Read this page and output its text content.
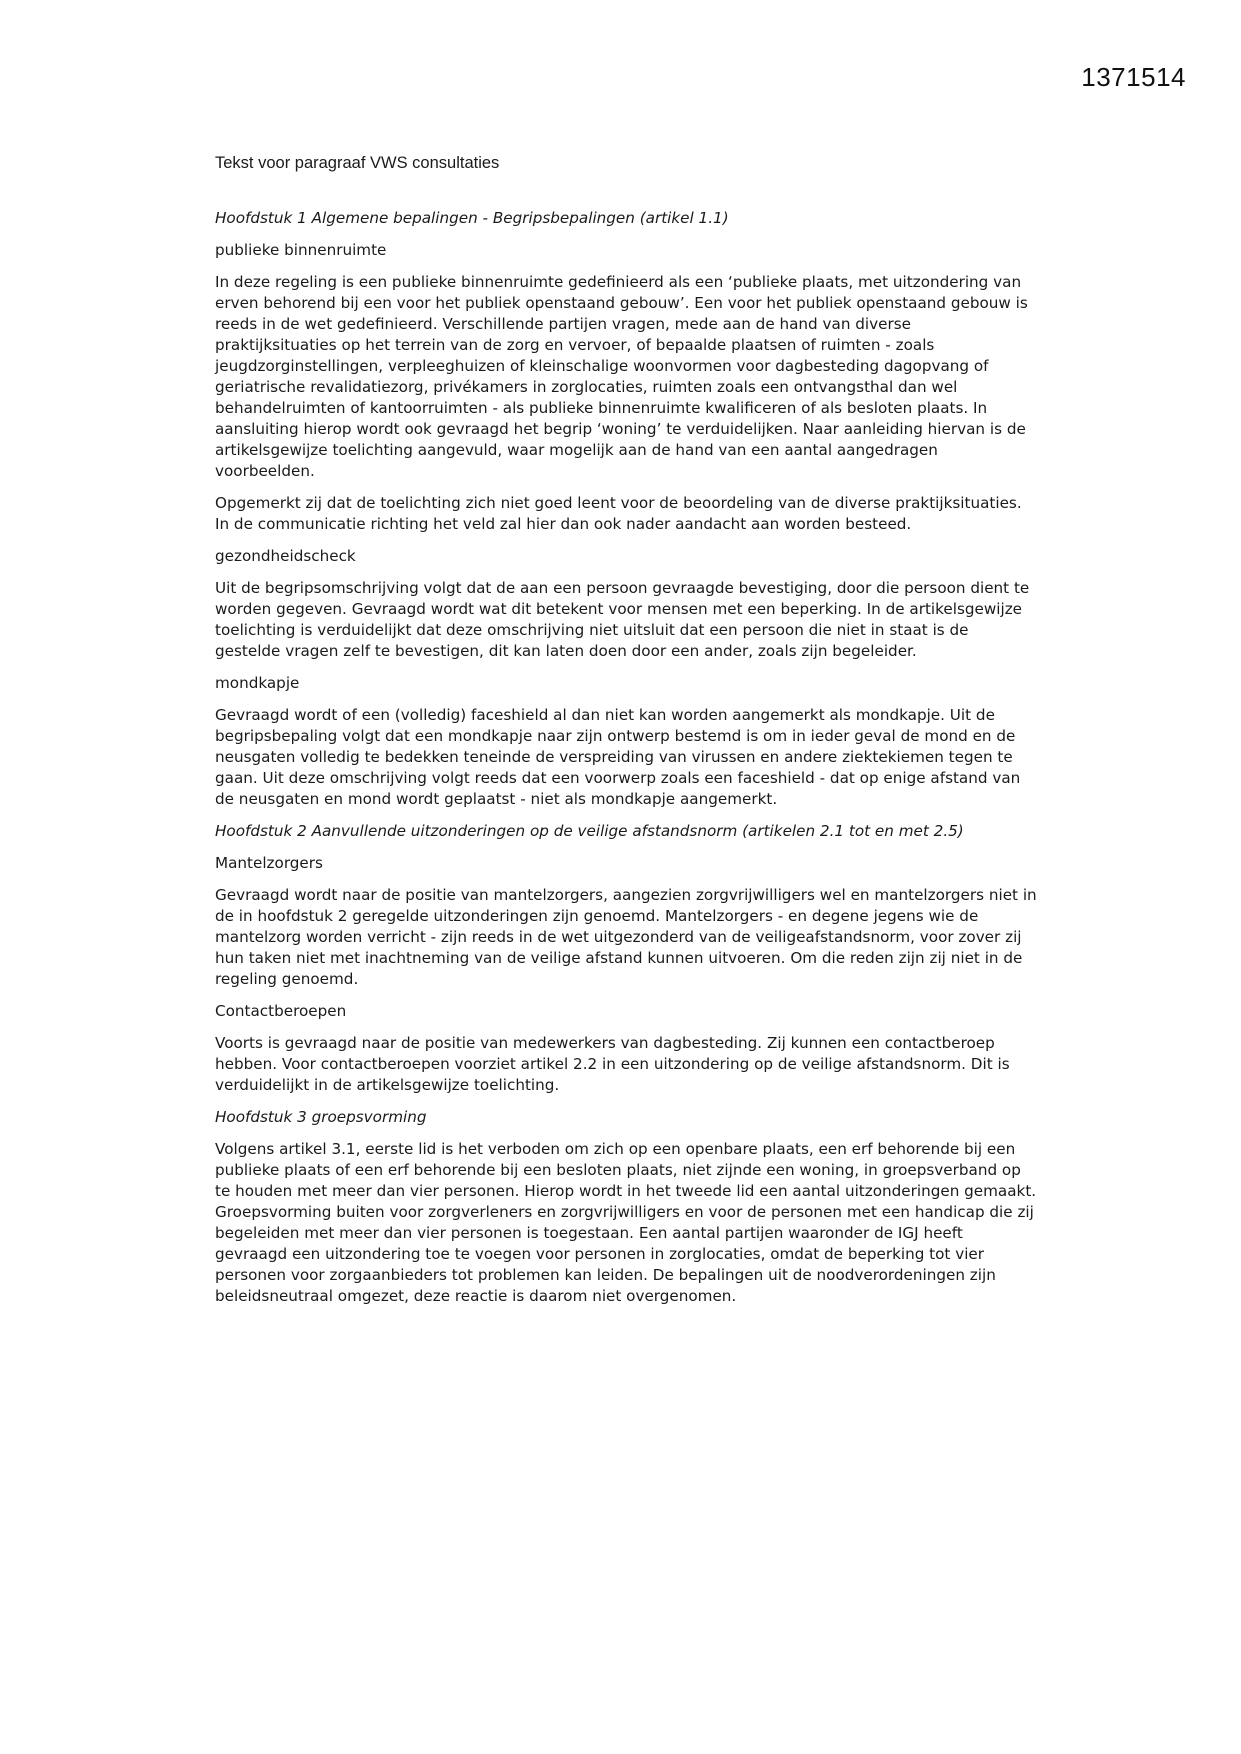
1371514
Tekst voor paragraaf VWS consultaties
Hoofdstuk 1 Algemene bepalingen - Begripsbepalingen (artikel 1.1)
publieke binnenruimte
In deze regeling is een publieke binnenruimte gedefinieerd als een ‘publieke plaats, met uitzondering van erven behorend bij een voor het publiek openstaand gebouw’. Een voor het publiek openstaand gebouw is reeds in de wet gedefinieerd. Verschillende partijen vragen, mede aan de hand van diverse praktijksituaties op het terrein van de zorg en vervoer, of bepaalde plaatsen of ruimten - zoals jeugdzorginstellingen, verpleeghuizen of kleinschalige woonvormen voor dagbesteding dagopvang of geriatrische revalidatiezorg, privékamers in zorglocaties, ruimten zoals een ontvangsthal dan wel behandelruimten of kantoorruimten - als publieke binnenruimte kwalificeren of als besloten plaats. In aansluiting hierop wordt ook gevraagd het begrip ‘woning’ te verduidelijken. Naar aanleiding hiervan is de artikelsgewijze toelichting aangevuld, waar mogelijk aan de hand van een aantal aangedragen voorbeelden.
Opgemerkt zij dat de toelichting zich niet goed leent voor de beoordeling van de diverse praktijksituaties. In de communicatie richting het veld zal hier dan ook nader aandacht aan worden besteed.
gezondheidscheck
Uit de begripsomschrijving volgt dat de aan een persoon gevraagde bevestiging, door die persoon dient te worden gegeven. Gevraagd wordt wat dit betekent voor mensen met een beperking. In de artikelsgewijze toelichting is verduidelijkt dat deze omschrijving niet uitsluit dat een persoon die niet in staat is de gestelde vragen zelf te bevestigen, dit kan laten doen door een ander, zoals zijn begeleider.
mondkapje
Gevraagd wordt of een (volledig) faceshield al dan niet kan worden aangemerkt als mondkapje. Uit de begripsbepaling volgt dat een mondkapje naar zijn ontwerp bestemd is om in ieder geval de mond en de neusgaten volledig te bedekken teneinde de verspreiding van virussen en andere ziektekiemen tegen te gaan. Uit deze omschrijving volgt reeds dat een voorwerp zoals een faceshield - dat op enige afstand van de neusgaten en mond wordt geplaatst - niet als mondkapje aangemerkt.
Hoofdstuk 2 Aanvullende uitzonderingen op de veilige afstandsnorm (artikelen 2.1 tot en met 2.5)
Mantelzorgers
Gevraagd wordt naar de positie van mantelzorgers, aangezien zorgvrijwilligers wel en mantelzorgers niet in de in hoofdstuk 2 geregelde uitzonderingen zijn genoemd. Mantelzorgers - en degene jegens wie de mantelzorg worden verricht - zijn reeds in de wet uitgezonderd van de veiligeafstandsnorm, voor zover zij hun taken niet met inachtneming van de veilige afstand kunnen uitvoeren. Om die reden zijn zij niet in de regeling genoemd.
Contactberoepen
Voorts is gevraagd naar de positie van medewerkers van dagbesteding. Zij kunnen een contactberoep hebben. Voor contactberoepen voorziet artikel 2.2 in een uitzondering op de veilige afstandsnorm. Dit is verduidelijkt in de artikelsgewijze toelichting.
Hoofdstuk 3 groepsvorming
Volgens artikel 3.1, eerste lid is het verboden om zich op een openbare plaats, een erf behorende bij een publieke plaats of een erf behorende bij een besloten plaats, niet zijnde een woning, in groepsverband op te houden met meer dan vier personen. Hierop wordt in het tweede lid een aantal uitzonderingen gemaakt. Groepsvorming buiten voor zorgverleners en zorgvrijwilligers en voor de personen met een handicap die zij begeleiden met meer dan vier personen is toegestaan. Een aantal partijen waaronder de IGJ heeft gevraagd een uitzondering toe te voegen voor personen in zorglocaties, omdat de beperking tot vier personen voor zorgaanbieders tot problemen kan leiden. De bepalingen uit de noodverordeningen zijn beleidsneutraal omgezet, deze reactie is daarom niet overgenomen.
